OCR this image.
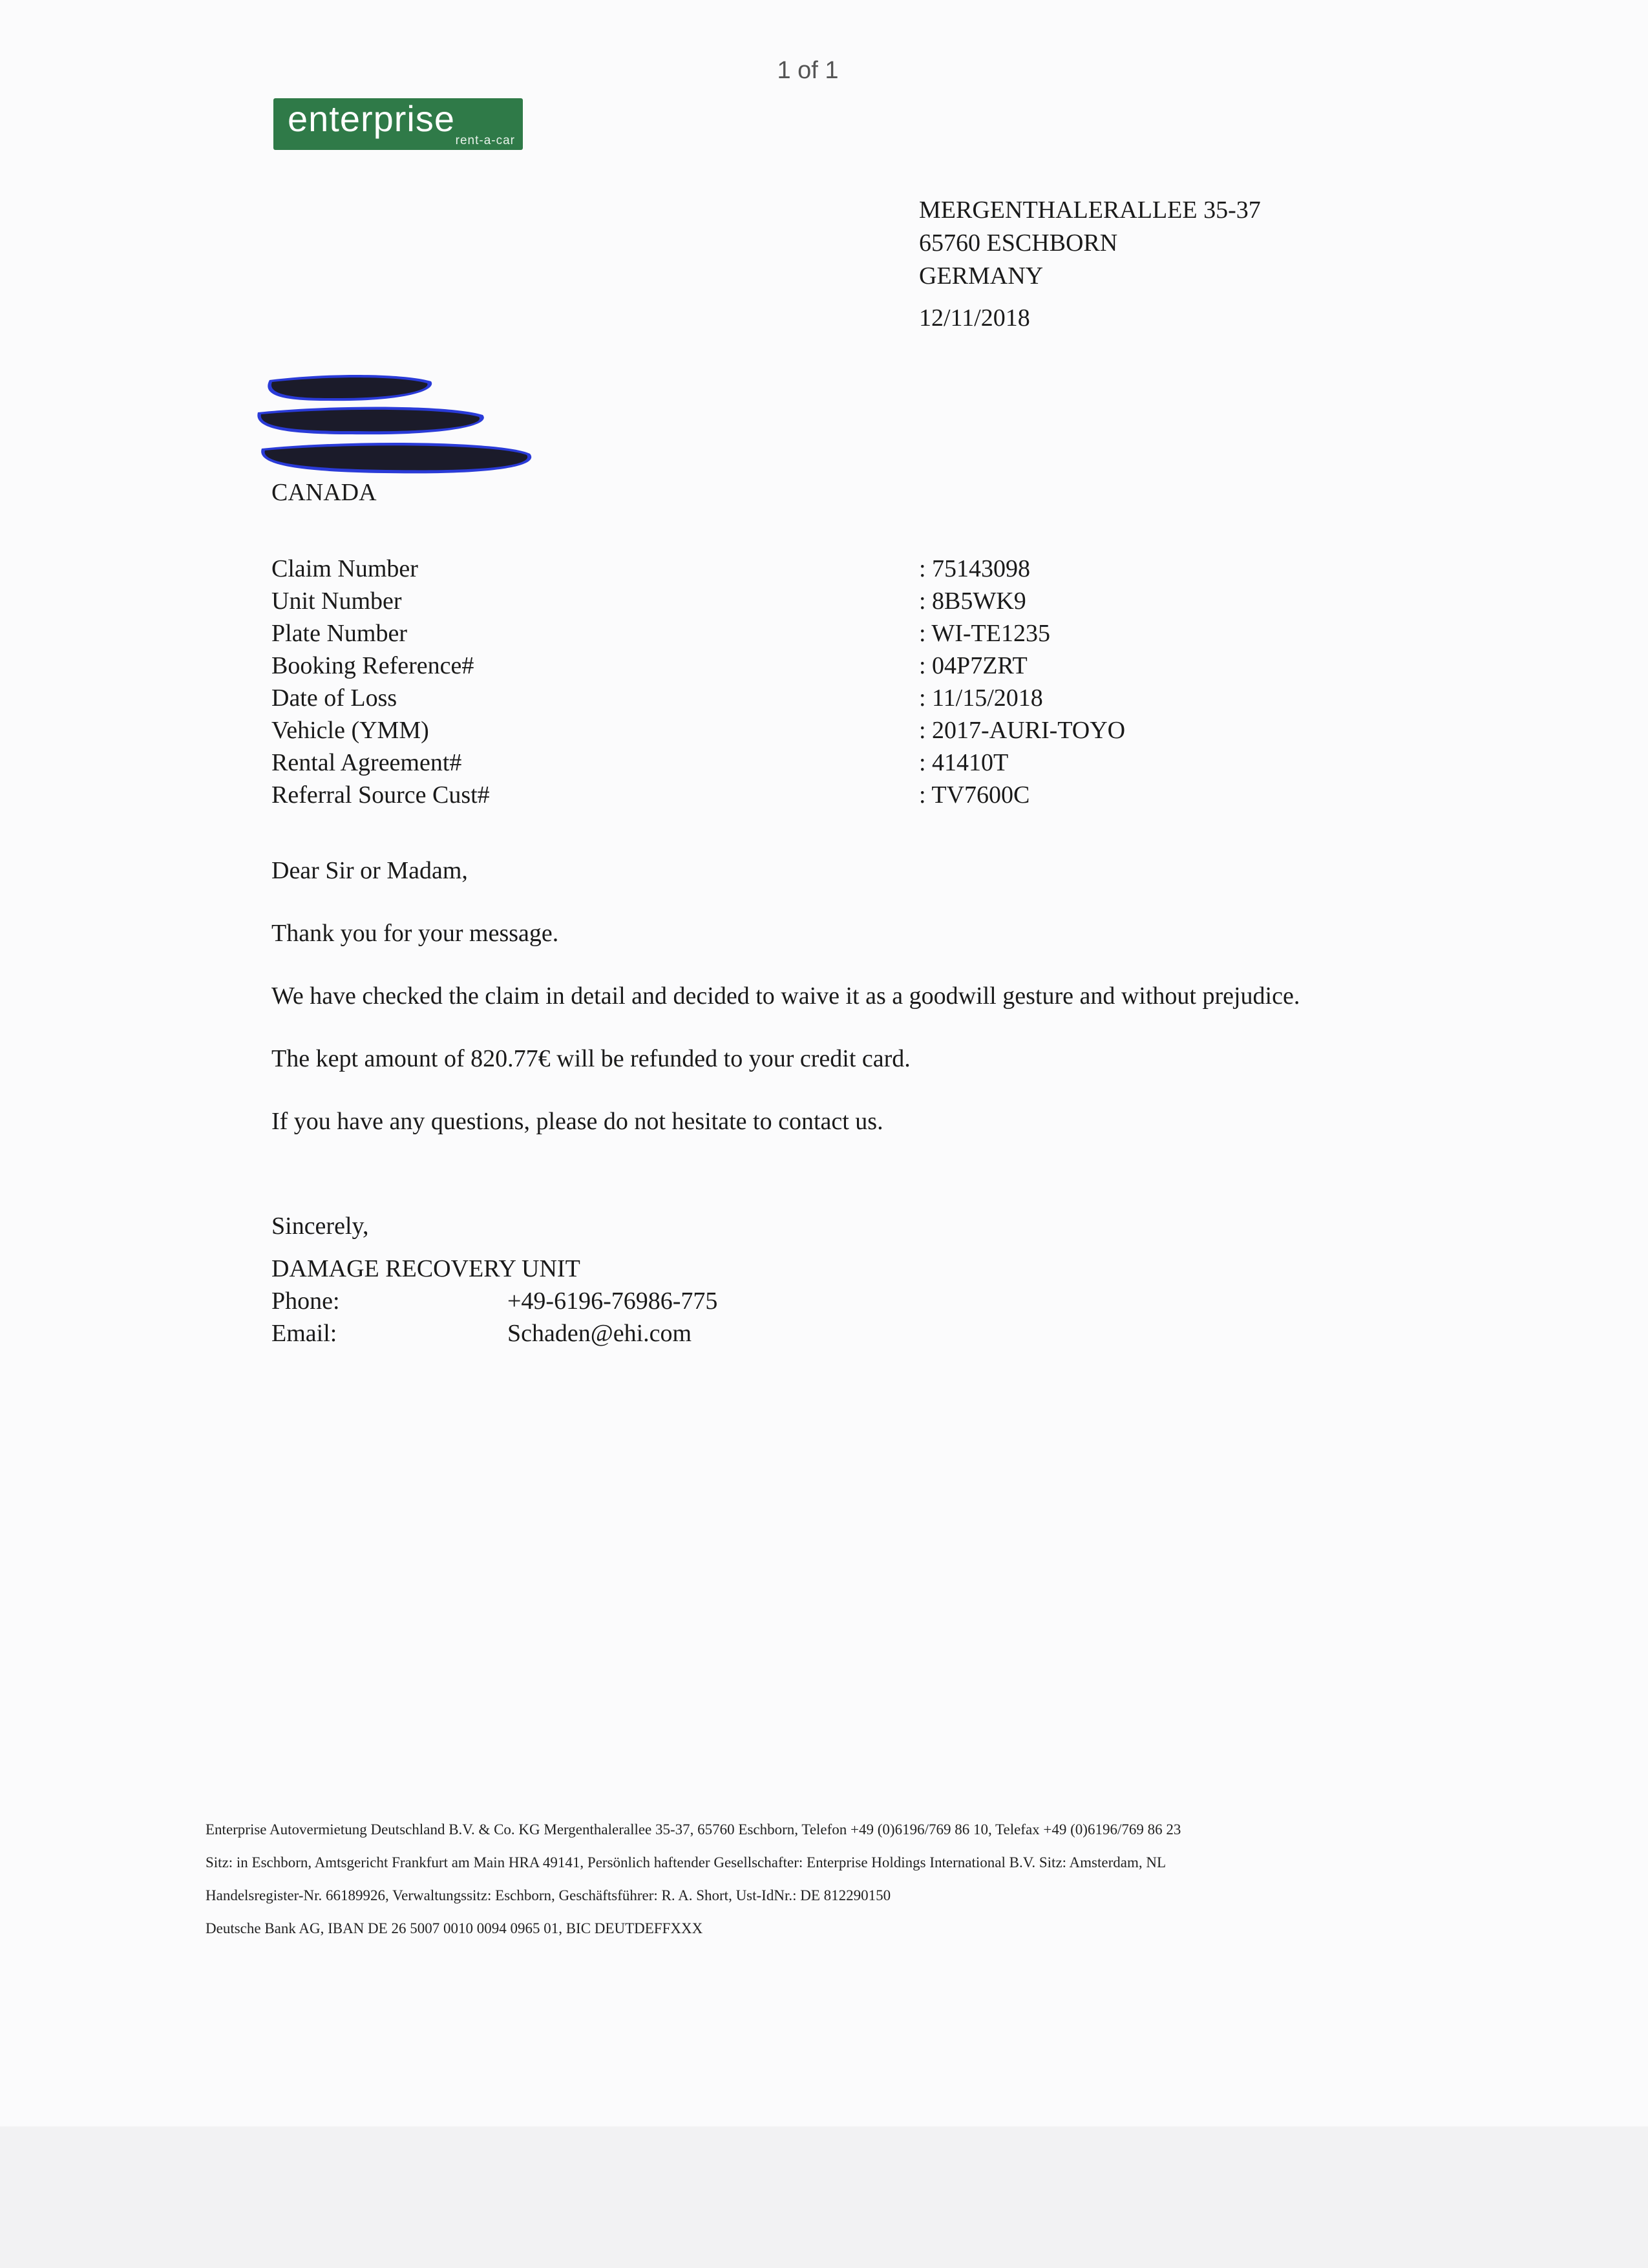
1 of 1
enterprise
rent-a-car
MERGENTHALERALLEE 35-37
65760 ESCHBORN
GERMANY
12/11/2018
CANADA
Claim Number	: 75143098
Unit Number	: 8B5WK9
Plate Number	: WI-TE1235
Booking Reference#	: 04P7ZRT
Date of Loss	: 11/15/2018
Vehicle (YMM)	: 2017-AURI-TOYO
Rental Agreement#	: 41410T
Referral Source Cust#	: TV7600C

Dear Sir or Madam,

Thank you for your message.

We have checked the claim in detail and decided to waive it as a goodwill gesture and without prejudice.

The kept amount of 820.77€ will be refunded to your credit card.

If you have any questions, please do not hesitate to contact us.

Sincerely,
DAMAGE RECOVERY UNIT
Phone:	+49-6196-76986-775
Email:	Schaden@ehi.com
Enterprise Autovermietung Deutschland B.V. & Co. KG Mergenthalerallee 35-37, 65760 Eschborn, Telefon +49 (0)6196/769 86 10, Telefax +49 (0)6196/769 86 23
Sitz: in Eschborn, Amtsgericht Frankfurt am Main HRA 49141, Persönlich haftender Gesellschafter: Enterprise Holdings International B.V. Sitz: Amsterdam, NL
Handelsregister-Nr. 66189926, Verwaltungssitz: Eschborn, Geschäftsführer: R. A. Short, Ust-IdNr.: DE 812290150
Deutsche Bank AG, IBAN DE 26 5007 0010 0094 0965 01, BIC DEUTDEFFXXX
